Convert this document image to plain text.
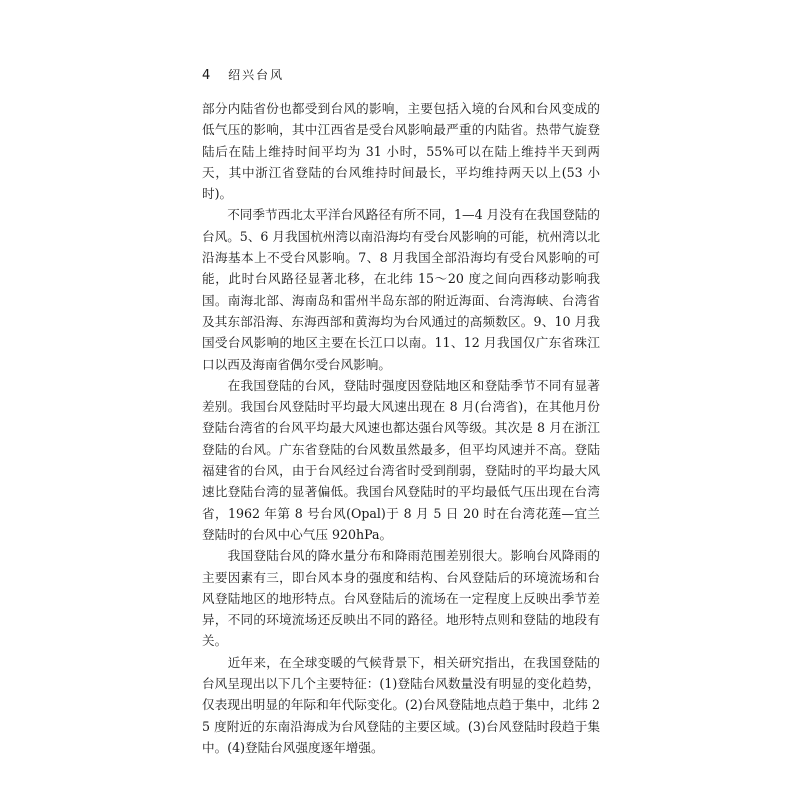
4 绍兴台风

部分内陆省份也都受到台风的影响，主要包括入境的台风和台风变成的低气压的影响，其中江西省是受台风影响最严重的内陆省。热带气旋登陆后在陆上维持时间平均为 31 小时，55%可以在陆上维持半天到两天，其中浙江省登陆的台风维持时间最长，平均维持两天以上(53 小时)。

　　不同季节西北太平洋台风路径有所不同，1—4 月没有在我国登陆的台风。5、6 月我国杭州湾以南沿海均有受台风影响的可能，杭州湾以北沿海基本上不受台风影响。7、8 月我国全部沿海均有受台风影响的可能，此时台风路径显著北移，在北纬 15～20 度之间向西移动影响我国。南海北部、海南岛和雷州半岛东部的附近海面、台湾海峡、台湾省及其东部沿海、东海西部和黄海均为台风通过的高频数区。9、10 月我国受台风影响的地区主要在长江口以南。11、12 月我国仅广东省珠江口以西及海南省偶尔受台风影响。

　　在我国登陆的台风，登陆时强度因登陆地区和登陆季节不同有显著差别。我国台风登陆时平均最大风速出现在 8 月(台湾省)，在其他月份登陆台湾省的台风平均最大风速也都达强台风等级。其次是 8 月在浙江登陆的台风。广东省登陆的台风数虽然最多，但平均风速并不高。登陆福建省的台风，由于台风经过台湾省时受到削弱，登陆时的平均最大风速比登陆台湾的显著偏低。我国台风登陆时的平均最低气压出现在台湾省，1962 年第 8 号台风(Opal)于 8 月 5 日 20 时在台湾花莲—宜兰登陆时的台风中心气压 920hPa。

　　我国登陆台风的降水量分布和降雨范围差别很大。影响台风降雨的主要因素有三，即台风本身的强度和结构、台风登陆后的环境流场和台风登陆地区的地形特点。台风登陆后的流场在一定程度上反映出季节差异，不同的环境流场还反映出不同的路径。地形特点则和登陆的地段有关。

　　近年来，在全球变暖的气候背景下，相关研究指出，在我国登陆的台风呈现出以下几个主要特征：(1)登陆台风数量没有明显的变化趋势，仅表现出明显的年际和年代际变化。(2)台风登陆地点趋于集中，北纬 25 度附近的东南沿海成为台风登陆的主要区域。(3)台风登陆时段趋于集中。(4)登陆台风强度逐年增强。
